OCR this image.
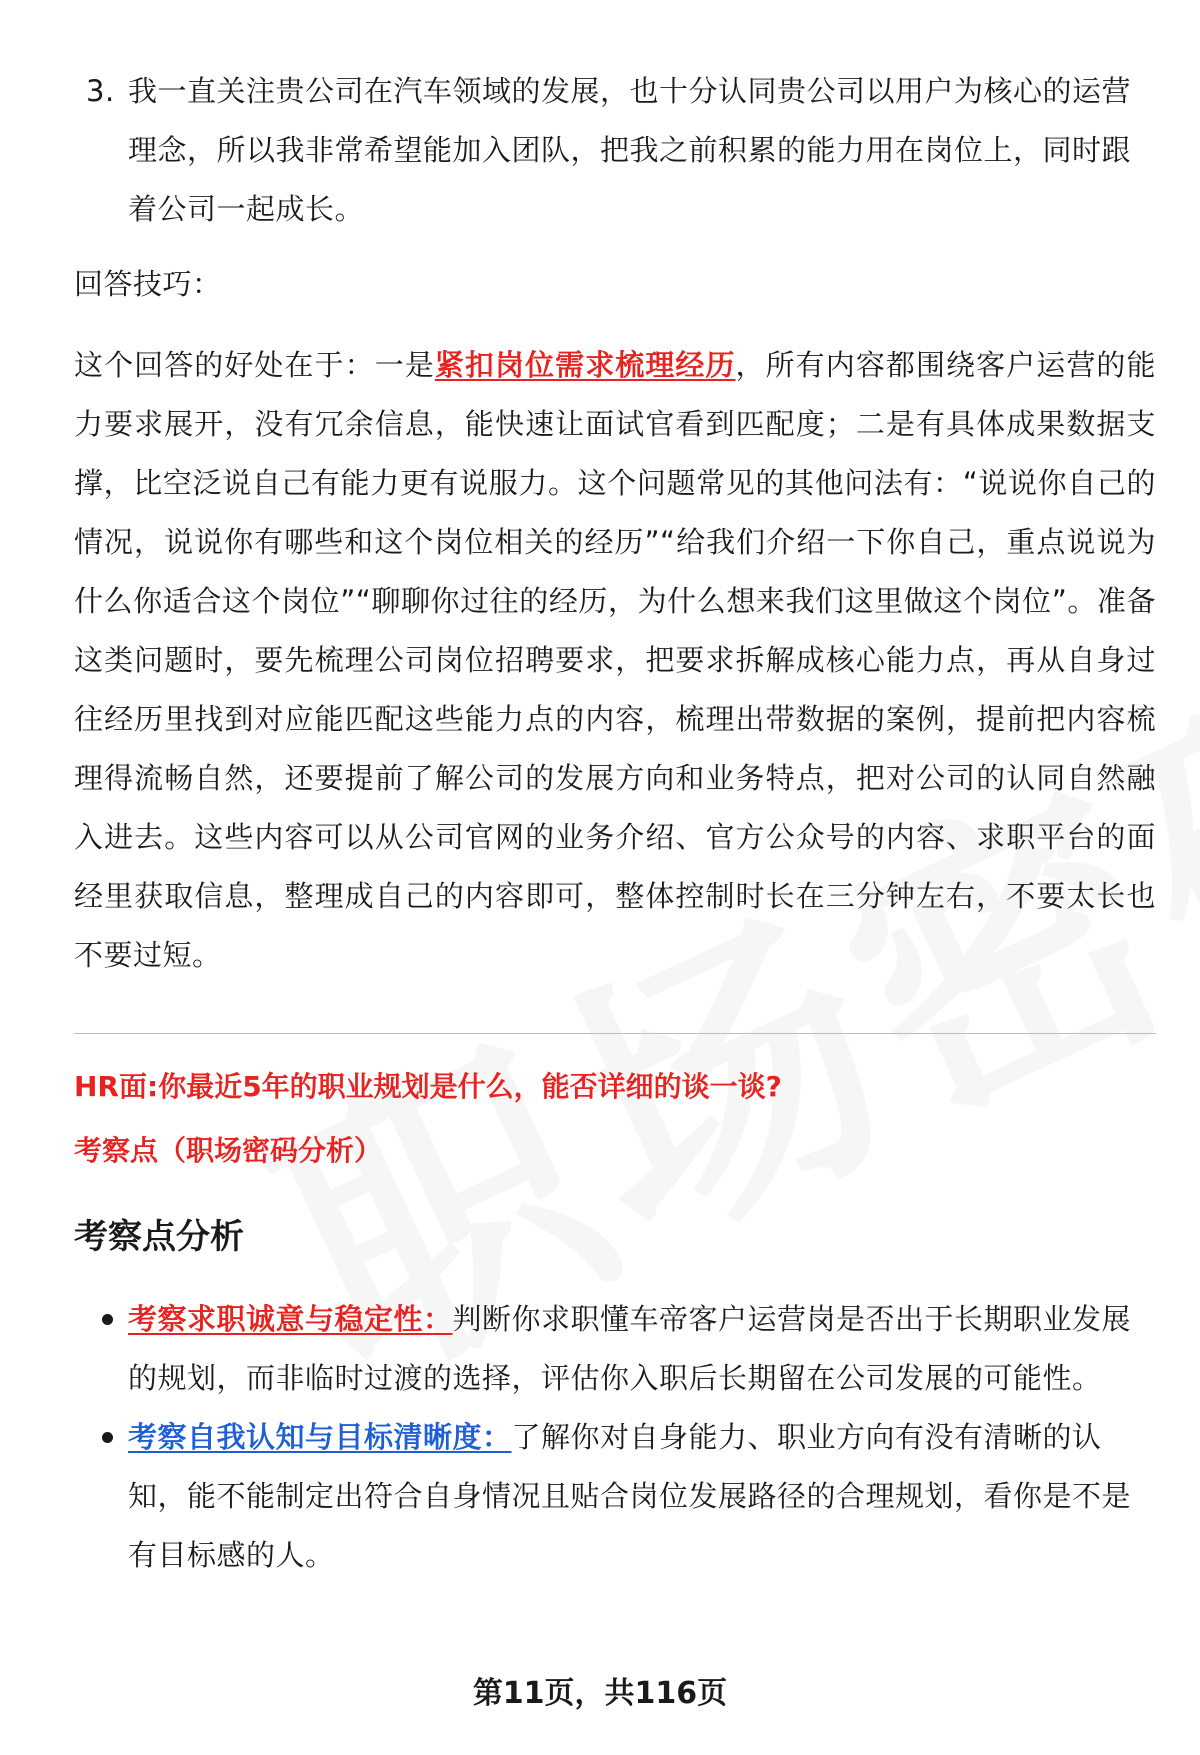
3. 我一直关注贵公司在汽车领域的发展，也十分认同贵公司以用户为核心的运营理念，所以我非常希望能加入团队，把我之前积累的能力用在岗位上，同时跟着公司一起成长。

回答技巧：

这个回答的好处在于：一是紧扣岗位需求梳理经历，所有内容都围绕客户运营的能力要求展开，没有冗余信息，能快速让面试官看到匹配度；二是有具体成果数据支撑，比空泛说自己有能力更有说服力。这个问题常见的其他问法有：“说说你自己的情况，说说你有哪些和这个岗位相关的经历”“给我们介绍一下你自己，重点说说为什么你适合这个岗位”“聊聊你过往的经历，为什么想来我们这里做这个岗位”。准备这类问题时，要先梳理公司岗位招聘要求，把要求拆解成核心能力点，再从自身过往经历里找到对应能匹配这些能力点的内容，梳理出带数据的案例，提前把内容梳理得流畅自然，还要提前了解公司的发展方向和业务特点，把对公司的认同自然融入进去。这些内容可以从公司官网的业务介绍、官方公众号的内容、求职平台的面经里获取信息，整理成自己的内容即可，整体控制时长在三分钟左右，不要太长也不要过短。

HR面:你最近5年的职业规划是什么，能否详细的谈一谈?

考察点（职场密码分析）

考察点分析
考察求职诚意与稳定性：判断你求职懂车帝客户运营岗是否出于长期职业发展的规划，而非临时过渡的选择，评估你入职后长期留在公司发展的可能性。
考察自我认知与目标清晰度：了解你对自身能力、职业方向有没有清晰的认知，能不能制定出符合自身情况且贴合岗位发展路径的合理规划，看你是不是有目标感的人。
第11页，共116页
